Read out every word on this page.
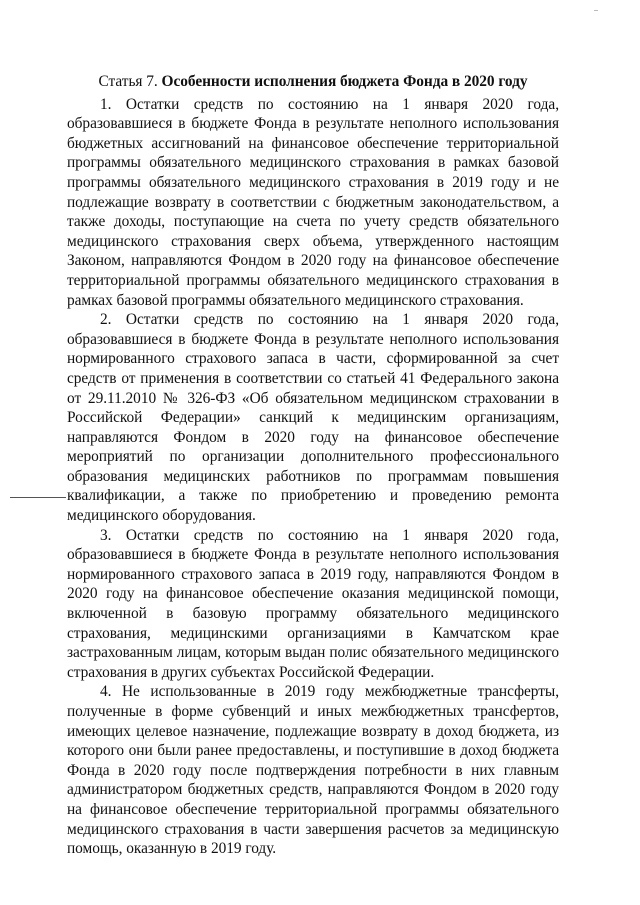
Статья 7. Особенности исполнения бюджета Фонда в 2020 году

1. Остатки средств по состоянию на 1 января 2020 года, образовавшиеся в бюджете Фонда в результате неполного использования бюджетных ассигнований на финансовое обеспечение территориальной программы обязательного медицинского страхования в рамках базовой программы обязательного медицинского страхования в 2019 году и не подлежащие возврату в соответствии с бюджетным законодательством, а также доходы, поступающие на счета по учету средств обязательного медицинского страхования сверх объема, утвержденного настоящим Законом, направляются Фондом в 2020 году на финансовое обеспечение территориальной программы обязательного медицинского страхования в рамках базовой программы обязательного медицинского страхования.

2. Остатки средств по состоянию на 1 января 2020 года, образовавшиеся в бюджете Фонда в результате неполного использования нормированного страхового запаса в части, сформированной за счет средств от применения в соответствии со статьей 41 Федерального закона от 29.11.2010 № 326-ФЗ «Об обязательном медицинском страховании в Российской Федерации» санкций к медицинским организациям, направляются Фондом в 2020 году на финансовое обеспечение мероприятий по организации дополнительного профессионального образования медицинских работников по программам повышения квалификации, а также по приобретению и проведению ремонта медицинского оборудования.

3. Остатки средств по состоянию на 1 января 2020 года, образовавшиеся в бюджете Фонда в результате неполного использования нормированного страхового запаса в 2019 году, направляются Фондом в 2020 году на финансовое обеспечение оказания медицинской помощи, включенной в базовую программу обязательного медицинского страхования, медицинскими организациями в Камчатском крае застрахованным лицам, которым выдан полис обязательного медицинского страхования в других субъектах Российской Федерации.

4. Не использованные в 2019 году межбюджетные трансферты, полученные в форме субвенций и иных межбюджетных трансфертов, имеющих целевое назначение, подлежащие возврату в доход бюджета, из которого они были ранее предоставлены, и поступившие в доход бюджета Фонда в 2020 году после подтверждения потребности в них главным администратором бюджетных средств, направляются Фондом в 2020 году на финансовое обеспечение территориальной программы обязательного медицинского страхования в части завершения расчетов за медицинскую помощь, оказанную в 2019 году.
